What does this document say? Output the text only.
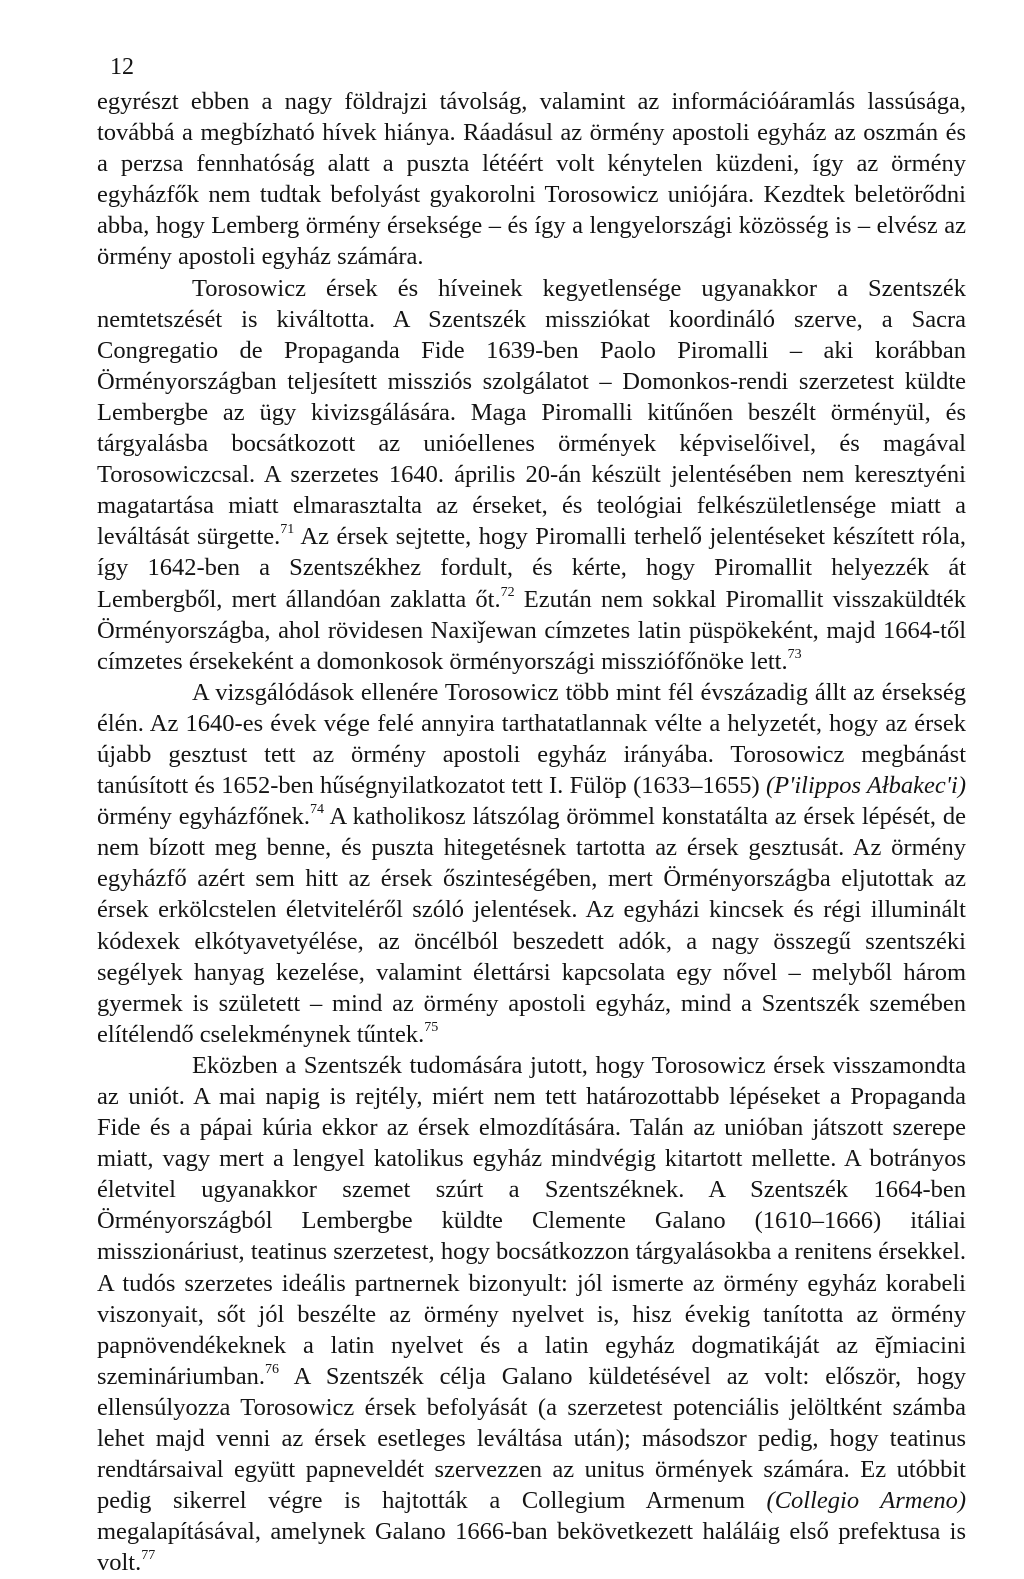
12

egyrészt ebben a nagy földrajzi távolság, valamint az információáramlás lassúsága, továbbá a megbízható hívek hiánya. Ráadásul az örmény apostoli egyház az oszmán és a perzsa fennhatóság alatt a puszta létéért volt kénytelen küzdeni, így az örmény egyházfők nem tudtak befolyást gyakorolni Torosowicz uniójára. Kezdtek beletörődni abba, hogy Lemberg örmény érseksége – és így a lengyelországi közösség is – elvész az örmény apostoli egyház számára.

Torosowicz érsek és híveinek kegyetlensége ugyanakkor a Szentszék nemtetszését is kiváltotta. A Szentszék missziókat koordináló szerve, a Sacra Congregatio de Propaganda Fide 1639-ben Paolo Piromalli – aki korábban Örményországban teljesített missziós szolgálatot – Domonkos-rendi szerzetest küldte Lembergbe az ügy kivizsgálására. Maga Piromalli kitűnően beszélt örményül, és tárgyalásba bocsátkozott az unióellenes örmények képviselőivel, és magával Torosowiczcsal. A szerzetes 1640. április 20-án készült jelentésében nem keresztyéni magatartása miatt elmarasztalta az érseket, és teológiai felkészületlensége miatt a leváltását sürgette.$^{71}$ Az érsek sejtette, hogy Piromalli terhelő jelentéseket készített róla, így 1642-ben a Szentszékhez fordult, és kérte, hogy Piromallit helyezzék át Lembergből, mert állandóan zaklatta őt.$^{72}$ Ezután nem sokkal Piromallit visszaküldték Örményországba, ahol rövidesen Naxiǰewan címzetes latin püspökeként, majd 1664-től címzetes érsekeként a domonkosok örményországi missziófőnöke lett.$^{73}$

A vizsgálódások ellenére Torosowicz több mint fél évszázadig állt az érsekség élén. Az 1640-es évek vége felé annyira tarthatatlannak vélte a helyzetét, hogy az érsek újabb gesztust tett az örmény apostoli egyház irányába. Torosowicz megbánást tanúsított és 1652-ben hűségnyilatkozatot tett I. Fülöp (1633–1655) (P'ilippos Ałbakec'i) örmény egyházfőnek.$^{74}$ A katholikosz látszólag örömmel konstatálta az érsek lépését, de nem bízott meg benne, és puszta hitegetésnek tartotta az érsek gesztusát. Az örmény egyházfő azért sem hitt az érsek őszinteségében, mert Örményországba eljutottak az érsek erkölcstelen életviteléről szóló jelentések. Az egyházi kincsek és régi illuminált kódexek elkótyavetyélése, az öncélból beszedett adók, a nagy összegű szentszéki segélyek hanyag kezelése, valamint élettársi kapcsolata egy nővel – melyből három gyermek is született – mind az örmény apostoli egyház, mind a Szentszék szemében elítélendő cselekménynek tűntek.$^{75}$

Eközben a Szentszék tudomására jutott, hogy Torosowicz érsek visszamondta az uniót. A mai napig is rejtély, miért nem tett határozottabb lépéseket a Propaganda Fide és a pápai kúria ekkor az érsek elmozdítására. Talán az unióban játszott szerepe miatt, vagy mert a lengyel katolikus egyház mindvégig kitartott mellette. A botrányos életvitel ugyanakkor szemet szúrt a Szentszéknek. A Szentszék 1664-ben Örményországból Lembergbe küldte Clemente Galano (1610–1666) itáliai misszionáriust, teatinus szerzetest, hogy bocsátkozzon tárgyalásokba a renitens érsekkel. A tudós szerzetes ideális partnernek bizonyult: jól ismerte az örmény egyház korabeli viszonyait, sőt jól beszélte az örmény nyelvet is, hisz évekig tanította az örmény papnövendékeknek a latin nyelvet és a latin egyház dogmatikáját az ēǰmiacini szemináriumban.$^{76}$ A Szentszék célja Galano küldetésével az volt: először, hogy ellensúlyozza Torosowicz érsek befolyását (a szerzetest potenciális jelöltként számba lehet majd venni az érsek esetleges leváltása után); másodszor pedig, hogy teatinus rendtársaival együtt papneveldét szervezzen az unitus örmények számára. Ez utóbbit pedig sikerrel végre is hajtották a Collegium Armenum (Collegio Armeno) megalapításával, amelynek Galano 1666-ban bekövetkezett haláláig első prefektusa is volt.$^{77}$
